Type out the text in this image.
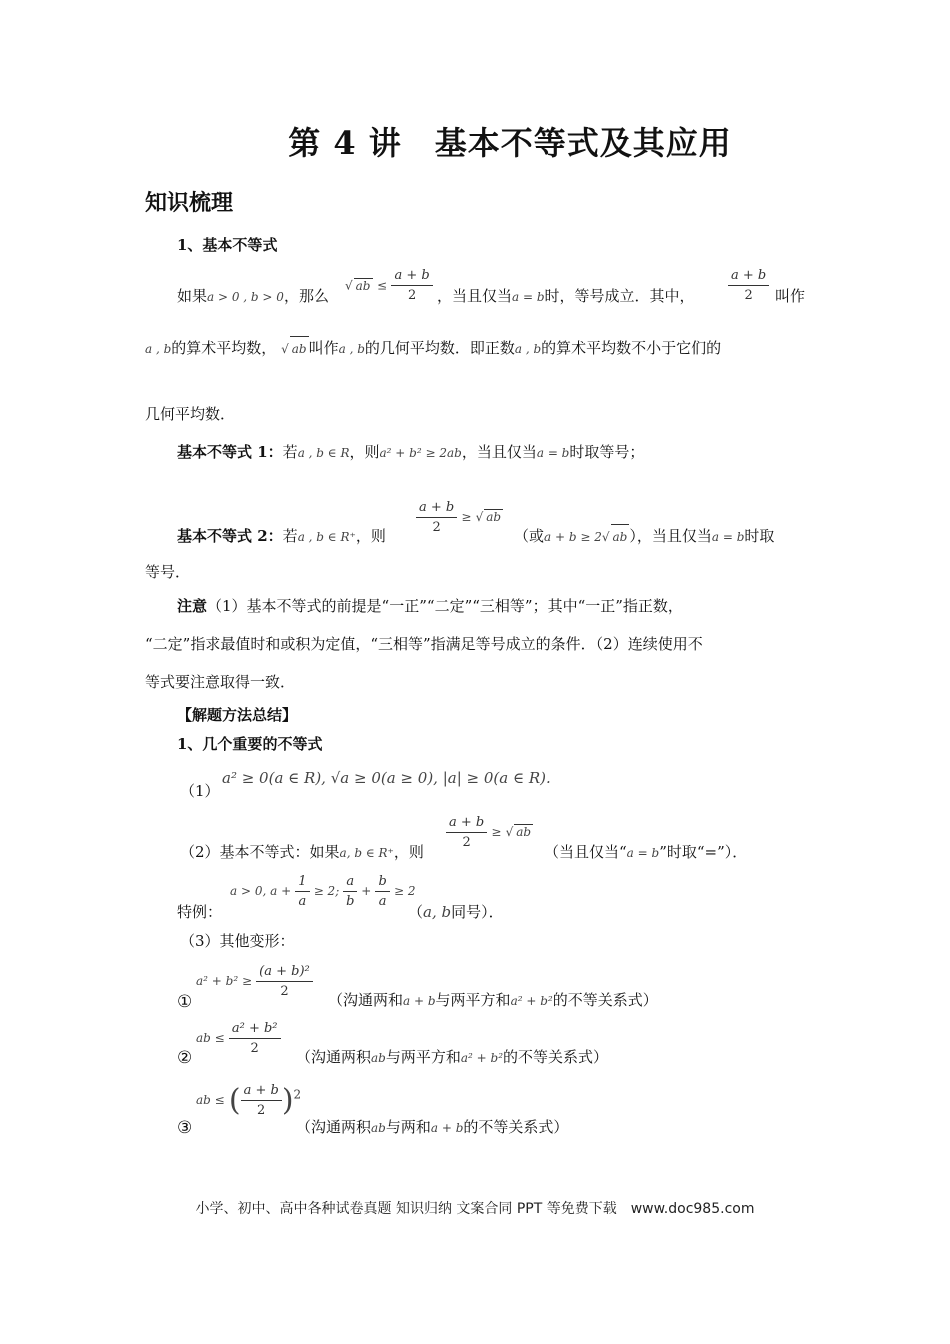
第 4 讲　基本不等式及其应用
知识梳理
1、基本不等式
如果a > 0 , b > 0，那么
√ ab ≤ $\frac{a + b}{2}$ ，当且仅当a = b时，等号成立．其中，	$\frac{a + b}{2}$ 叫作
a , b的算术平均数， √ ab 叫作a , b的几何平均数．即正数a , b的算术平均数不小于它们的
几何平均数．
基本不等式 1：若a , b ∈ R，则a² + b² ≥ 2ab，当且仅当a = b时取等号；
基本不等式 2：若a , b ∈ R⁺，则
$\frac{a + b}{2}$ ≥ √ ab
（或a + b ≥ 2√ ab ），当且仅当a = b时取
等号．
注意（1）基本不等式的前提是“一正”“二定”“三相等”；其中“一正”指正数，
“二定”指求最值时和或积为定值，“三相等”指满足等号成立的条件．（2）连续使用不
等式要注意取得一致．
【解题方法总结】
1、几个重要的不等式
（1）
a² ≥ 0(a ∈ R), √a ≥ 0(a ≥ 0), |a| ≥ 0(a ∈ R).
（2）基本不等式：如果a, b ∈ R⁺，则
$\frac{a + b}{2}$ ≥ √ ab
（当且仅当“a = b”时取“=”）．
特例：
a > 0, $a + \frac{1}{a} \ge 2$; $\frac{a}{b} + \frac{b}{a} \ge 2$
（a, b同号）．
（3）其他变形：
①
$a^2 + b^2 \ge \frac{\text{(a + b)²}}{2}$
（沟通两和a + b与两平方和a² + b²的不等关系式）
②
ab ≤ $\frac{\text{a² + b²}}{2}$
（沟通两积ab与两平方和a² + b²的不等关系式）
③
ab ≤ ( $\frac{a + b}{2} )^2$
（沟通两积ab与两和a + b的不等关系式）
小学、初中、高中各种试卷真题 知识归纳 文案合同 PPT 等免费下载　www.doc985.com
